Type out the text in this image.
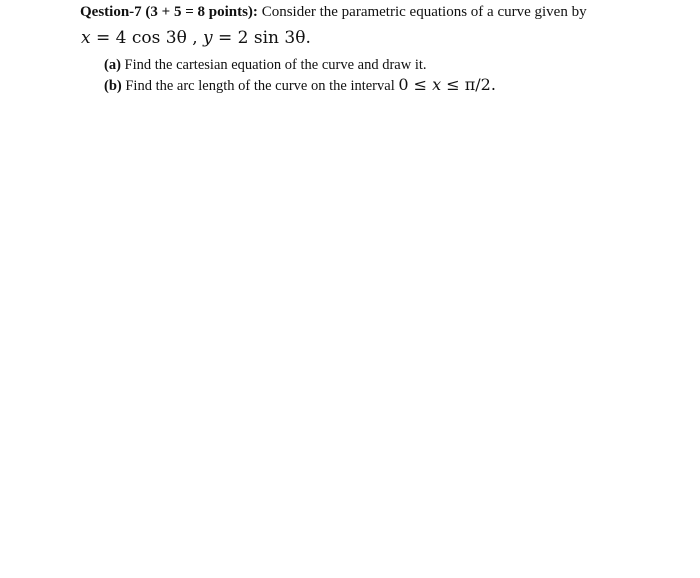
Qestion-7 (3 + 5 = 8 points): Consider the parametric equations of a curve given by
x = 4 cos 3θ , y = 2 sin 3θ.
(a) Find the cartesian equation of the curve and draw it.
(b) Find the arc length of the curve on the interval 0 ≤ x ≤ π/2.
